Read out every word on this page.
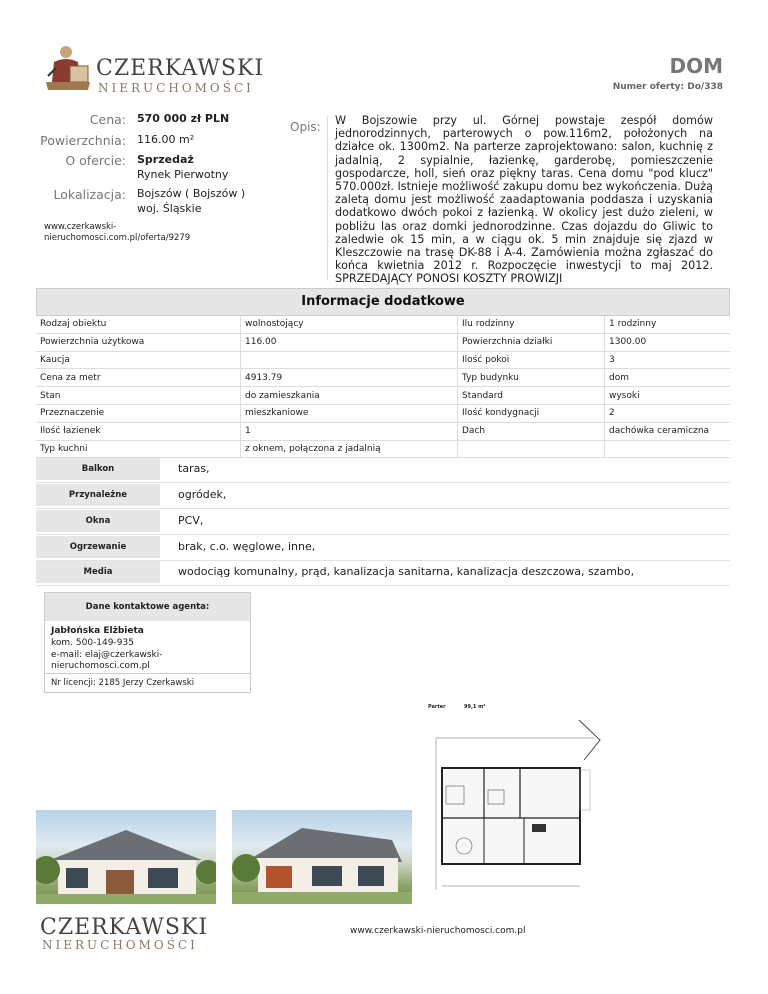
CZERKAWSKI
NIERUCHOMOŚCI
DOM
Numer oferty: Do/338
Cena: 570 000 zł PLN
Powierzchnia: 116.00 m²
O ofercie: Sprzedaż
Rynek Pierwotny
Lokalizacja: Bojszów ( Bojszów )
woj. Śląskie
www.czerkawski-
nieruchomosci.com.pl/oferta/9279
Opis: W Bojszowie przy ul. Górnej powstaje zespół domów jednorodzinnych, parterowych o pow.116m2, położonych na działce ok. 1300m2. Na parterze zaprojektowano: salon, kuchnię z jadalnią, 2 sypialnie, łazienkę, garderobę, pomieszczenie gospodarcze, holl, sień oraz piękny taras. Cena domu "pod klucz" 570.000zł. Istnieje możliwość zakupu domu bez wykończenia. Dużą zaletą domu jest możliwość zaadaptowania poddasza i uzyskania dodatkowo dwóch pokoi z łazienką. W okolicy jest dużo zieleni, w pobliżu las oraz domki jednorodzinne. Czas dojazdu do Gliwic to zaledwie ok 15 min, a w ciągu ok. 5 min znajduje się zjazd w Kleszczowie na trasę DK-88 i A-4. Zamówienia można zgłaszać do końca kwietnia 2012 r. Rozpoczęcie inwestycji to maj 2012. SPRZEDAJĄCY PONOSI KOSZTY PROWIZJI
Informacje dodatkowe
Rodzaj obiektu	wolnostojący	Ilu rodzinny	1 rodzinny
Powierzchnia użytkowa	116.00	Powierzchnia działki	1300.00
Kaucja		Ilość pokoi	3
Cena za metr	4913.79	Typ budynku	dom
Stan	do zamieszkania	Standard	wysoki
Przeznaczenie	mieszkaniowe	Ilość kondygnacji	2
Ilość łazienek	1	Dach	dachówka ceramiczna
Typ kuchni	z oknem, połączona z jadalnią		
Balkon	taras,
Przynależne	ogródek,
Okna	PCV,
Ogrzewanie	brak, c.o. węglowe, inne,
Media	wodociąg komunalny, prąd, kanalizacja sanitarna, kanalizacja deszczowa, szambo,
Dane kontaktowe agenta:
Jabłońska Elżbieta
kom. 500-149-935
e-mail: elaj@czerkawski-nieruchomosci.com.pl
Nr licencji: 2185 Jerzy Czerkawski
Parter	99,1 m²
CZERKAWSKI
NIERUCHOMOŚCI
www.czerkawski-nieruchomosci.com.pl
